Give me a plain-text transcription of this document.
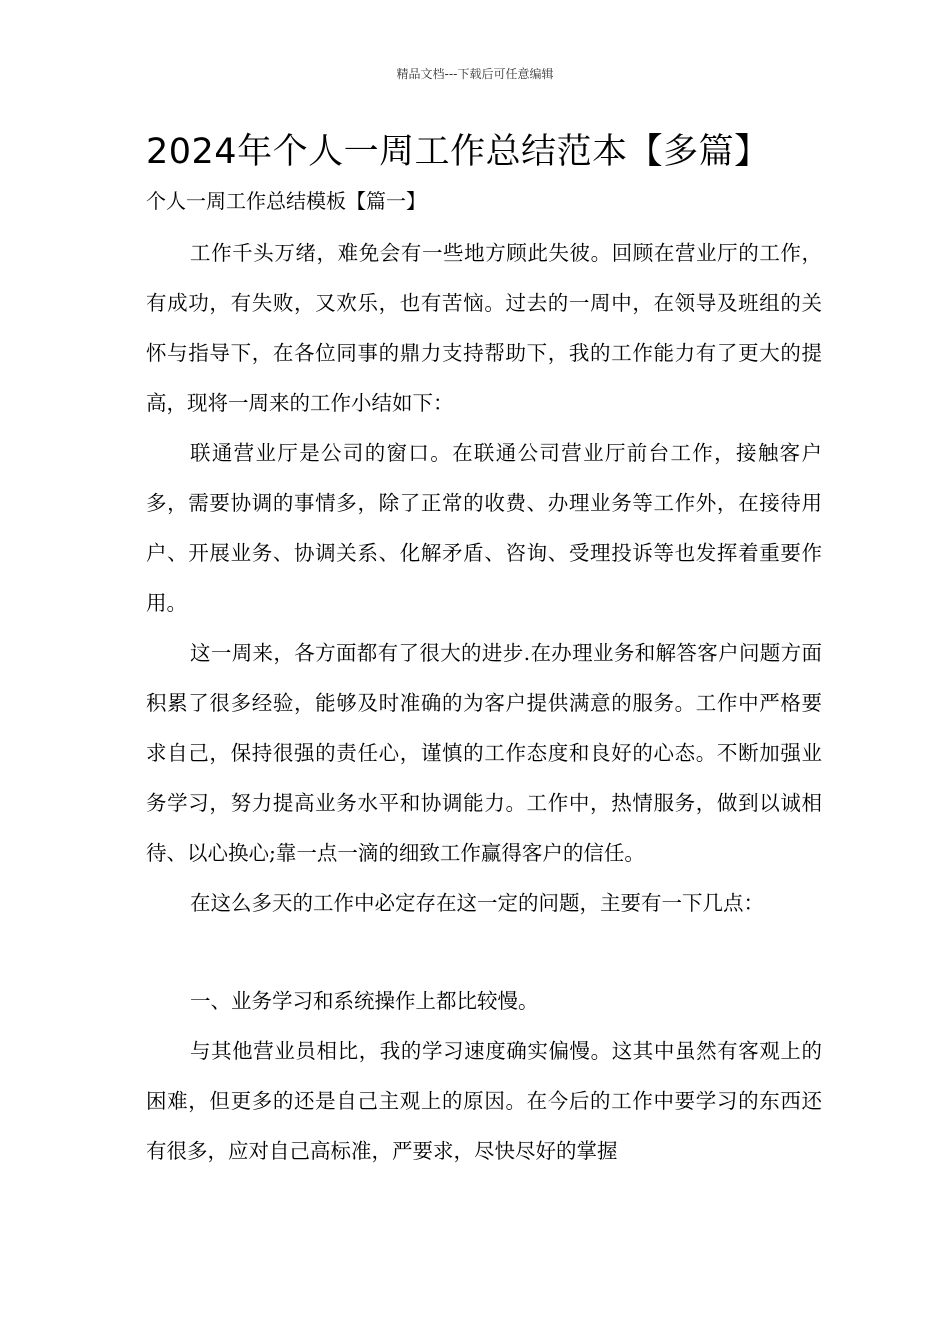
精品文档---下载后可任意编辑
2024年个人一周工作总结范本【多篇】
个人一周工作总结模板【篇一】

工作千头万绪，难免会有一些地方顾此失彼。回顾在营业厅的工作，有成功，有失败，又欢乐，也有苦恼。过去的一周中，在领导及班组的关怀与指导下，在各位同事的鼎力支持帮助下，我的工作能力有了更大的提高，现将一周来的工作小结如下：

联通营业厅是公司的窗口。在联通公司营业厅前台工作，接触客户多，需要协调的事情多，除了正常的收费、办理业务等工作外，在接待用户、开展业务、协调关系、化解矛盾、咨询、受理投诉等也发挥着重要作用。

这一周来，各方面都有了很大的进步.在办理业务和解答客户问题方面积累了很多经验，能够及时准确的为客户提供满意的服务。工作中严格要求自己，保持很强的责任心，谨慎的工作态度和良好的心态。不断加强业务学习，努力提高业务水平和协调能力。工作中，热情服务，做到以诚相待、以心换心;靠一点一滴的细致工作赢得客户的信任。

在这么多天的工作中必定存在这一定的问题，主要有一下几点：

一、业务学习和系统操作上都比较慢。

与其他营业员相比，我的学习速度确实偏慢。这其中虽然有客观上的困难，但更多的还是自己主观上的原因。在今后的工作中要学习的东西还有很多，应对自己高标准，严要求，尽快尽好的掌握
